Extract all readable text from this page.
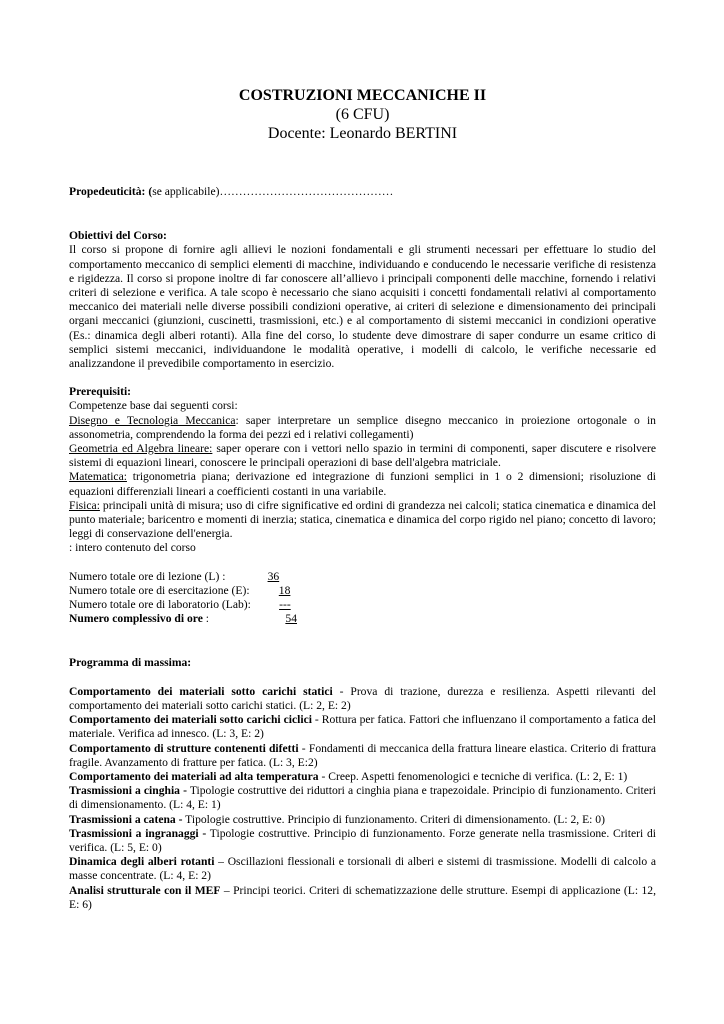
COSTRUZIONI MECCANICHE II
(6 CFU)
Docente: Leonardo BERTINI
Propedeuticità: (se applicabile)………………………………………
Obiettivi del Corso:
Il corso si propone di fornire agli allievi le nozioni fondamentali e gli strumenti necessari per effettuare lo studio del comportamento meccanico di semplici elementi di macchine, individuando e conducendo le necessarie verifiche di resistenza e rigidezza. Il corso si propone inoltre di far conoscere all’allievo i principali componenti delle macchine, fornendo i relativi criteri di selezione e verifica. A tale scopo è necessario che siano acquisiti i concetti fondamentali relativi al comportamento meccanico dei materiali nelle diverse possibili condizioni operative, ai criteri di selezione e dimensionamento dei principali organi meccanici (giunzioni, cuscinetti, trasmissioni, etc.) e al comportamento di sistemi meccanici in condizioni operative (Es.: dinamica degli alberi rotanti). Alla fine del corso, lo studente deve dimostrare di saper condurre un esame critico di semplici sistemi meccanici, individuandone le modalità operative, i modelli di calcolo, le verifiche necessarie ed analizzandone il prevedibile comportamento in esercizio.
Prerequisiti:
Competenze base dai seguenti corsi:
Disegno e Tecnologia Meccanica: saper interpretare un semplice disegno meccanico in proiezione ortogonale o in assonometria, comprendendo la forma dei pezzi ed i relativi collegamenti)
Geometria ed Algebra lineare: saper operare con i vettori nello spazio in termini di componenti, saper discutere e risolvere sistemi di equazioni lineari, conoscere le principali operazioni di base dell'algebra matriciale.
Matematica: trigonometria piana; derivazione ed integrazione di funzioni semplici in 1 o 2 dimensioni; risoluzione di equazioni differenziali lineari a coefficienti costanti in una variabile.
Fisica: principali unità di misura; uso di cifre significative ed ordini di grandezza nei calcoli; statica cinematica e dinamica del punto materiale; baricentro e momenti di inerzia; statica, cinematica e dinamica del corpo rigido nel piano; concetto di lavoro; leggi di conservazione dell'energia.
: intero contenuto del corso
Numero totale ore di lezione (L) :	36
Numero totale ore di esercitazione (E):	18
Numero totale ore di laboratorio (Lab): ---
Numero complessivo di ore :	54
Programma di massima:
Comportamento dei materiali sotto carichi statici - Prova di trazione, durezza e resilienza. Aspetti rilevanti del comportamento dei materiali sotto carichi statici. (L: 2, E: 2)
Comportamento dei materiali sotto carichi ciclici - Rottura per fatica. Fattori che influenzano il comportamento a fatica del materiale. Verifica ad innesco. (L: 3, E: 2)
Comportamento di strutture contenenti difetti - Fondamenti di meccanica della frattura lineare elastica. Criterio di frattura fragile. Avanzamento di fratture per fatica. (L: 3, E:2)
Comportamento dei materiali ad alta temperatura - Creep. Aspetti fenomenologici e tecniche di verifica. (L: 2, E: 1)
Trasmissioni a cinghia - Tipologie costruttive dei riduttori a cinghia piana e trapezoidale. Principio di funzionamento. Criteri di dimensionamento. (L: 4, E: 1)
Trasmissioni a catena - Tipologie costruttive. Principio di funzionamento. Criteri di dimensionamento. (L: 2, E: 0)
Trasmissioni a ingranaggi - Tipologie costruttive. Principio di funzionamento. Forze generate nella trasmissione. Criteri di verifica. (L: 5, E: 0)
Dinamica degli alberi rotanti – Oscillazioni flessionali e torsionali di alberi e sistemi di trasmissione. Modelli di calcolo a masse concentrate. (L: 4, E: 2)
Analisi strutturale con il MEF – Principi teorici. Criteri di schematizzazione delle strutture. Esempi di applicazione (L: 12, E: 6)
